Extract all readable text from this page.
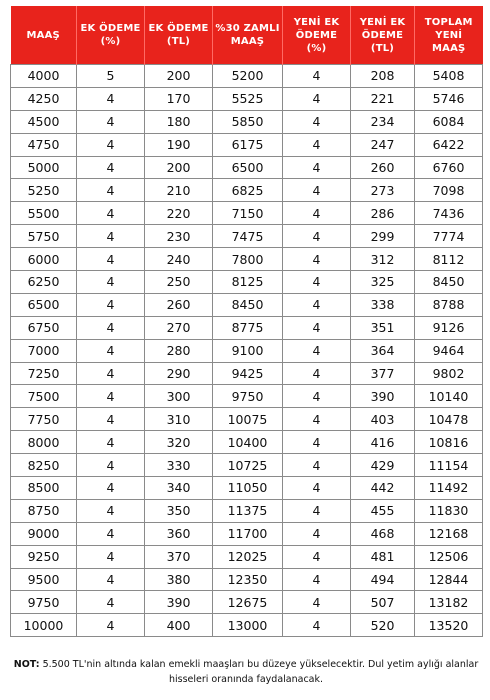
MAAŞ	EK ÖDEME (%)	EK ÖDEME (TL)	%30 ZAMLI MAAŞ	YENİ EK ÖDEME (%)	YENİ EK ÖDEME (TL)	TOPLAM YENİ MAAŞ
4000	5	200	5200	4	208	5408
4250	4	170	5525	4	221	5746
4500	4	180	5850	4	234	6084
4750	4	190	6175	4	247	6422
5000	4	200	6500	4	260	6760
5250	4	210	6825	4	273	7098
5500	4	220	7150	4	286	7436
5750	4	230	7475	4	299	7774
6000	4	240	7800	4	312	8112
6250	4	250	8125	4	325	8450
6500	4	260	8450	4	338	8788
6750	4	270	8775	4	351	9126
7000	4	280	9100	4	364	9464
7250	4	290	9425	4	377	9802
7500	4	300	9750	4	390	10140
7750	4	310	10075	4	403	10478
8000	4	320	10400	4	416	10816
8250	4	330	10725	4	429	11154
8500	4	340	11050	4	442	11492
8750	4	350	11375	4	455	11830
9000	4	360	11700	4	468	12168
9250	4	370	12025	4	481	12506
9500	4	380	12350	4	494	12844
9750	4	390	12675	4	507	13182
10000	4	400	13000	4	520	13520
NOT: 5.500 TL'nin altında kalan emekli maaşları bu düzeye yükselecektir. Dul yetim aylığı alanlar hisseleri oranında faydalanacak.
